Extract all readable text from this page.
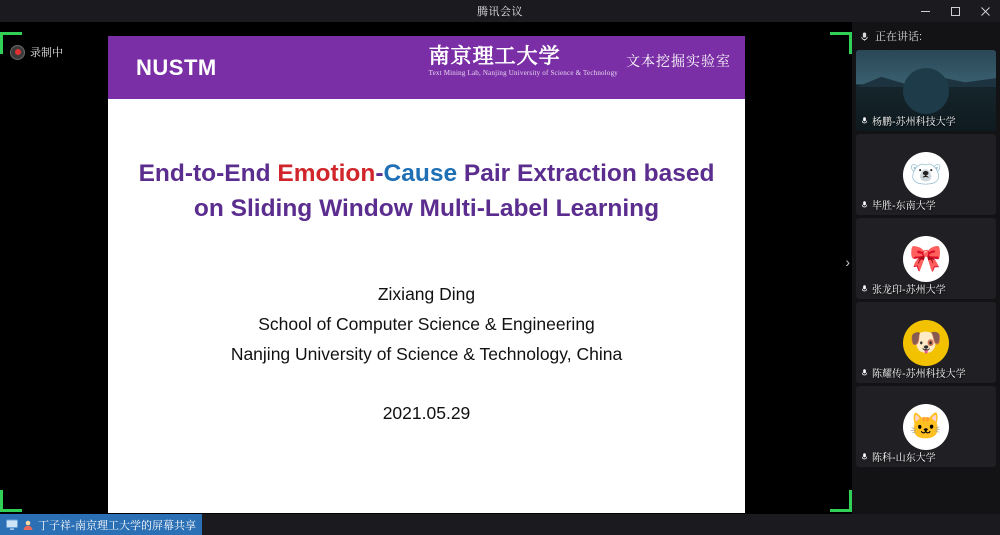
腾讯会议
录制中
NUSTM	南京理工大学
Text Mining Lab, Nanjing University of Science & Technology
文本挖掘实验室
End-to-End Emotion-Cause Pair Extraction based on Sliding Window Multi-Label Learning
Zixiang Ding
School of Computer Science & Engineering
Nanjing University of Science & Technology, China
2021.05.29
›
正在讲话:
杨鹏-苏州科技大学
🐻‍❄️
毕胜-东南大学
🎀
张龙印-苏州大学
🐶
陈耀传-苏州科技大学
🐱
陈科-山东大学
丁子祥-南京理工大学的屏幕共享
